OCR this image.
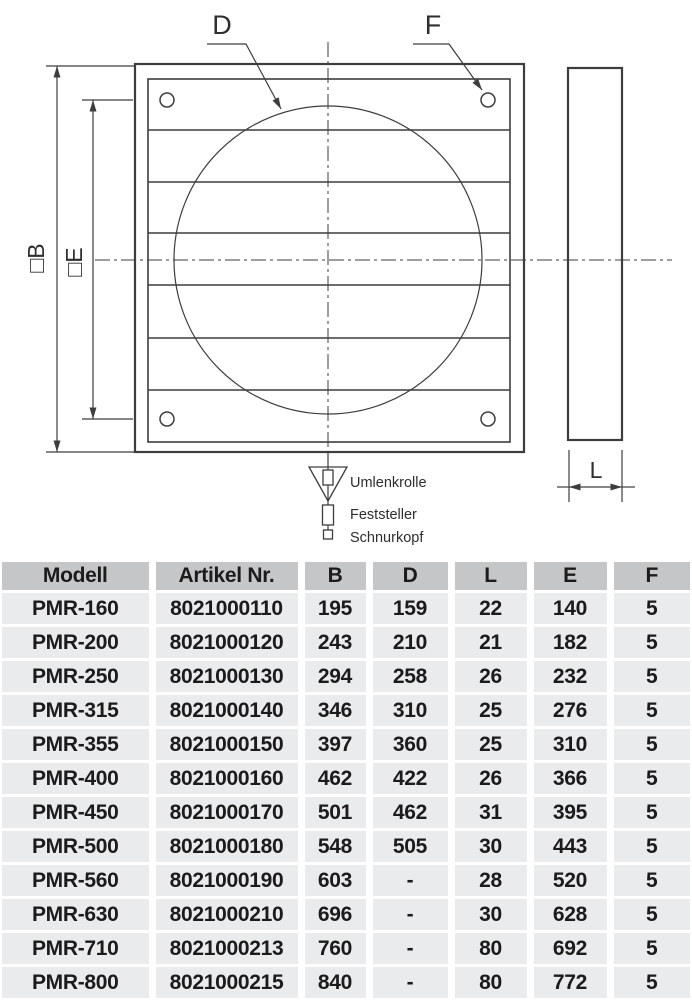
□B □E
D	F
Umlenkrolle
Feststeller
Schnurkopf
L
Modell	Artikel Nr.	B	D	L	E	F
PMR-160	8021000110	195	159	22	140	5
PMR-200	8021000120	243	210	21	182	5
PMR-250	8021000130	294	258	26	232	5
PMR-315	8021000140	346	310	25	276	5
PMR-355	8021000150	397	360	25	310	5
PMR-400	8021000160	462	422	26	366	5
PMR-450	8021000170	501	462	31	395	5
PMR-500	8021000180	548	505	30	443	5
PMR-560	8021000190	603	-	28	520	5
PMR-630	8021000210	696	-	30	628	5
PMR-710	8021000213	760	-	80	692	5
PMR-800	8021000215	840	-	80	772	5
